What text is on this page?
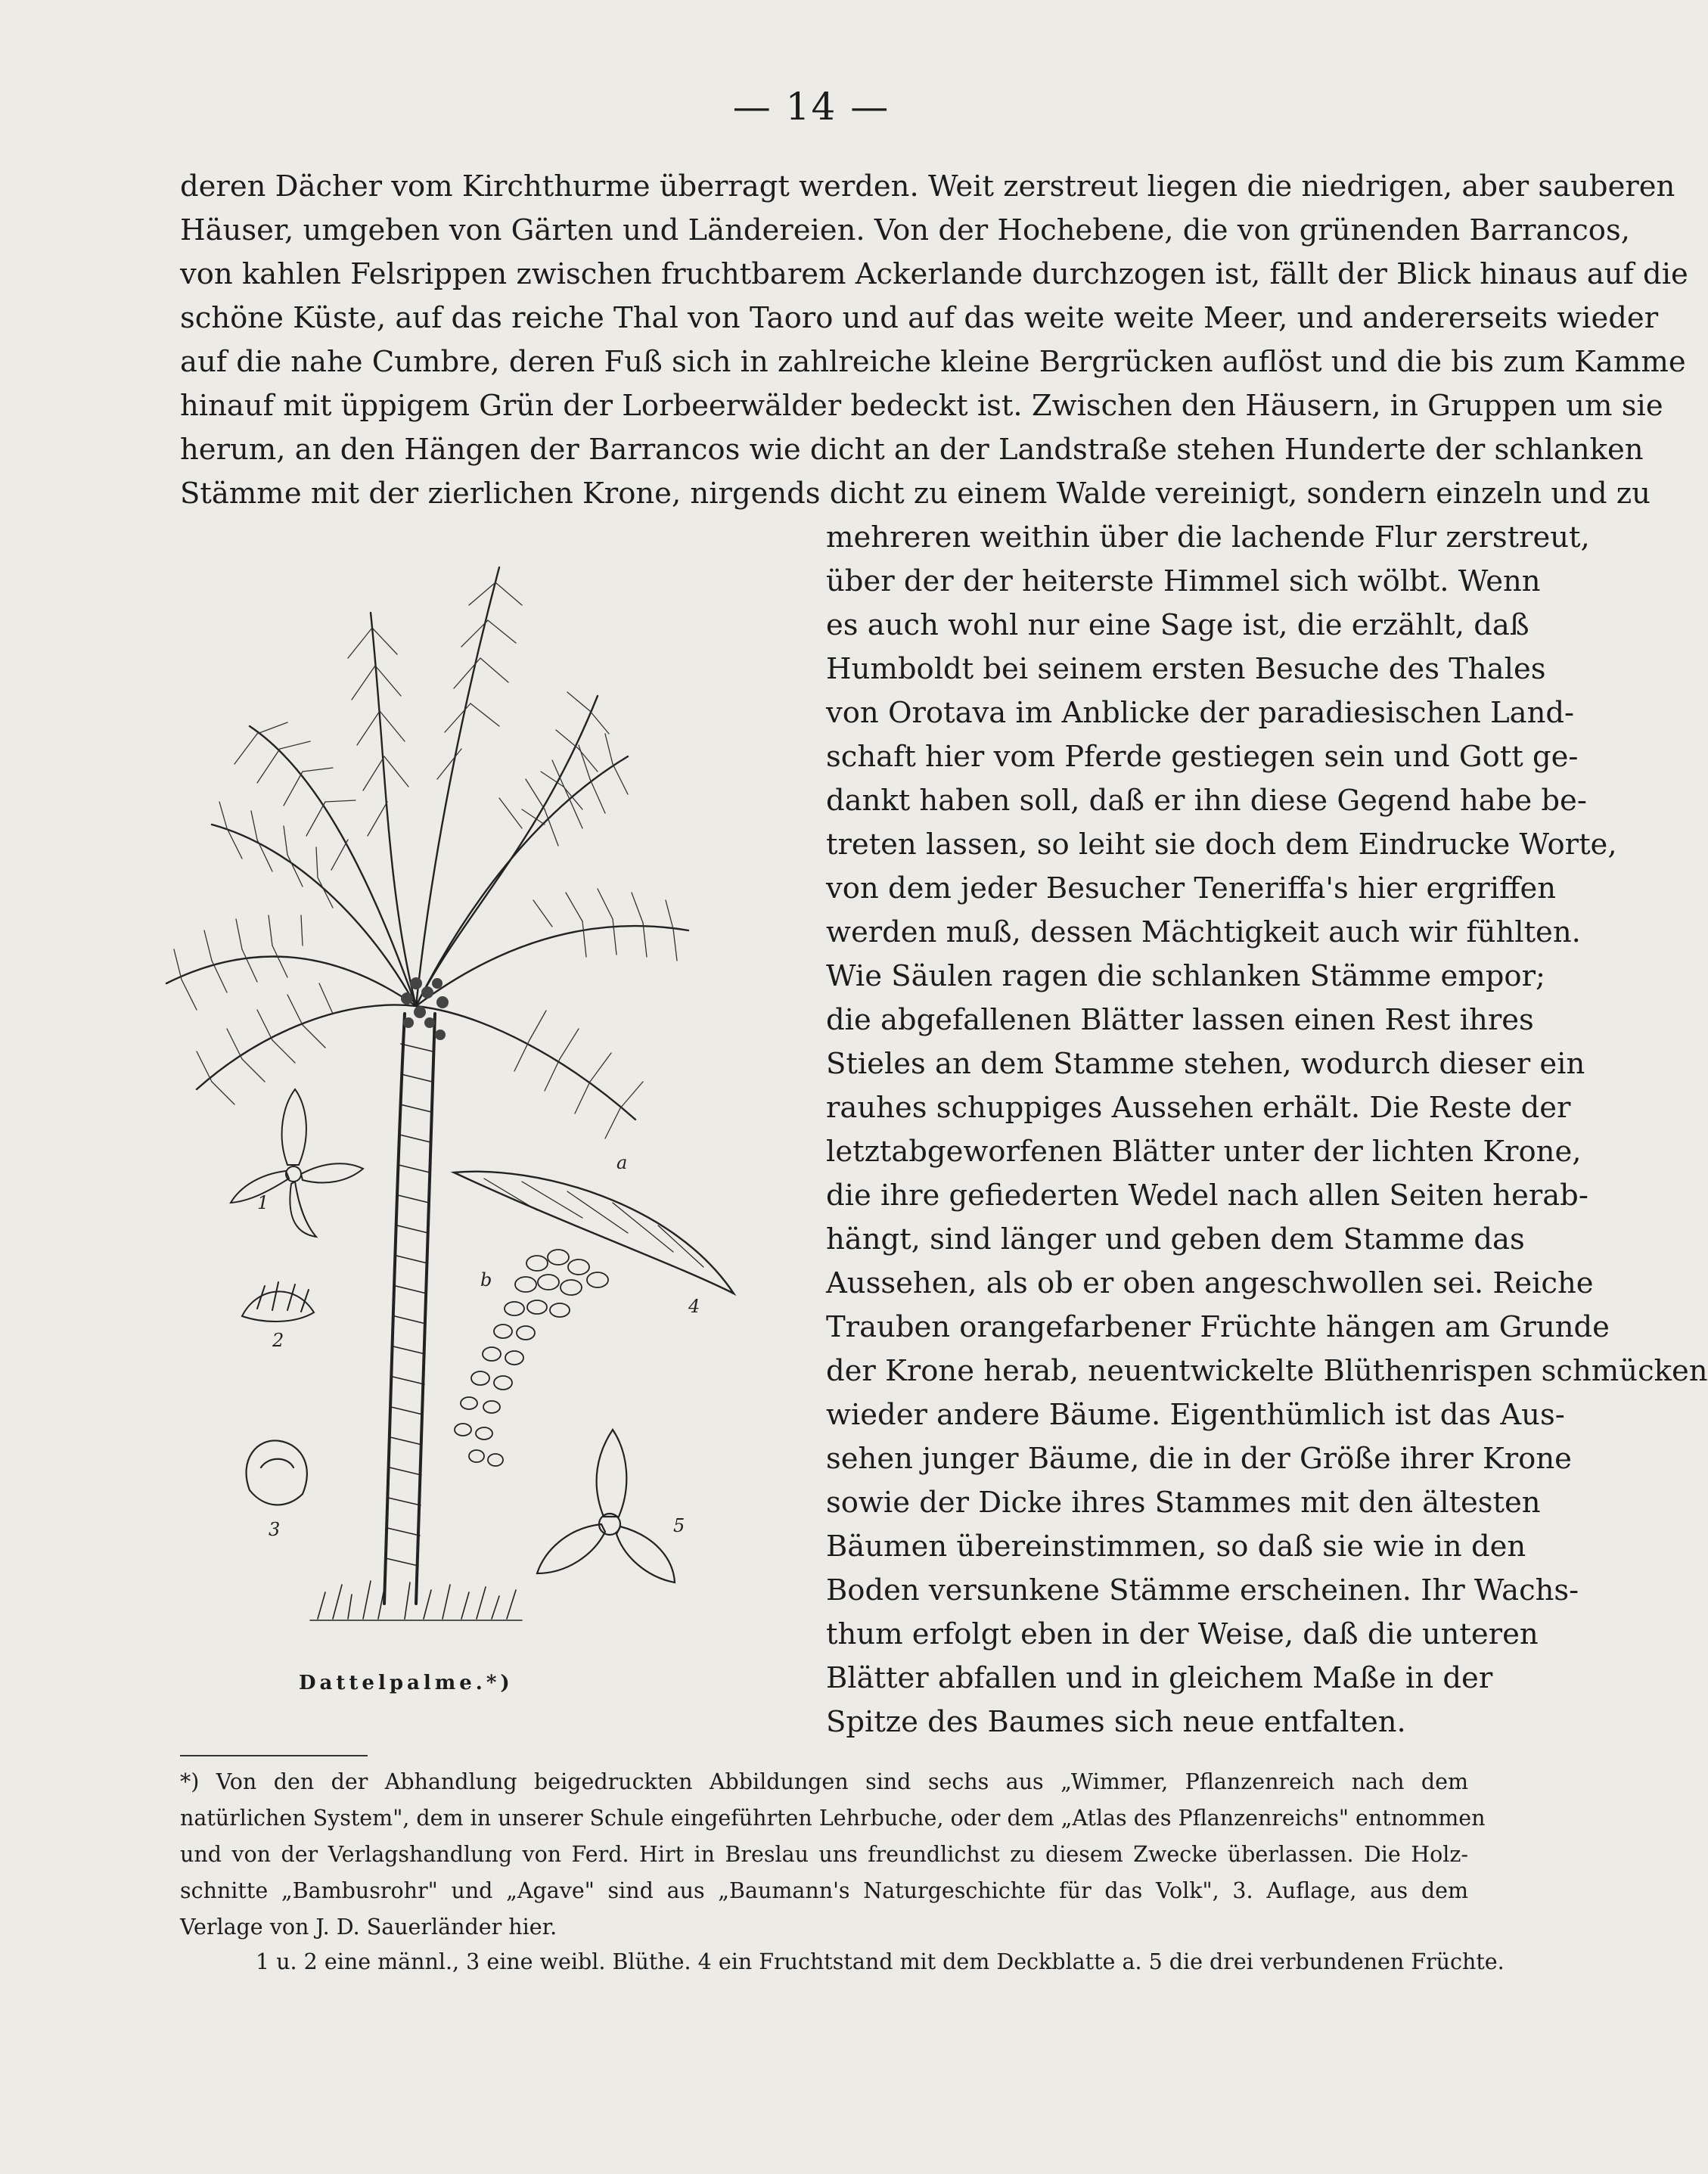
— 14 —
deren Dächer vom Kirchthurme überragt werden. Weit zerstreut liegen die niedrigen, aber sauberen
Häuser, umgeben von Gärten und Ländereien. Von der Hochebene, die von grünenden Barrancos,
von kahlen Felsrippen zwischen fruchtbarem Ackerlande durchzogen ist, fällt der Blick hinaus auf die
schöne Küste, auf das reiche Thal von Taoro und auf das weite weite Meer, und andererseits wieder
auf die nahe Cumbre, deren Fuß sich in zahlreiche kleine Bergrücken auflöst und die bis zum Kamme
hinauf mit üppigem Grün der Lorbeerwälder bedeckt ist. Zwischen den Häusern, in Gruppen um sie
herum, an den Hängen der Barrancos wie dicht an der Landstraße stehen Hunderte der schlanken
Stämme mit der zierlichen Krone, nirgends dicht zu einem Walde vereinigt, sondern einzeln und zu
mehreren weithin über die lachende Flur zerstreut,
über der der heiterste Himmel sich wölbt. Wenn
es auch wohl nur eine Sage ist, die erzählt, daß
Humboldt bei seinem ersten Besuche des Thales
von Orotava im Anblicke der paradiesischen Land-
schaft hier vom Pferde gestiegen sein und Gott ge-
dankt haben soll, daß er ihn diese Gegend habe be-
treten lassen, so leiht sie doch dem Eindrucke Worte,
von dem jeder Besucher Teneriffa's hier ergriffen
werden muß, dessen Mächtigkeit auch wir fühlten.
Wie Säulen ragen die schlanken Stämme empor;
die abgefallenen Blätter lassen einen Rest ihres
Stieles an dem Stamme stehen, wodurch dieser ein
rauhes schuppiges Aussehen erhält. Die Reste der
letztabgeworfenen Blätter unter der lichten Krone,
die ihre gefiederten Wedel nach allen Seiten herab-
hängt, sind länger und geben dem Stamme das
Aussehen, als ob er oben angeschwollen sei. Reiche
Trauben orangefarbener Früchte hängen am Grunde
der Krone herab, neuentwickelte Blüthenrispen schmücken
wieder andere Bäume. Eigenthümlich ist das Aus-
sehen junger Bäume, die in der Größe ihrer Krone
sowie der Dicke ihres Stammes mit den ältesten
Bäumen übereinstimmen, so daß sie wie in den
Boden versunkene Stämme erscheinen. Ihr Wachs-
thum erfolgt eben in der Weise, daß die unteren
Blätter abfallen und in gleichem Maße in der
Spitze des Baumes sich neue entfalten.
1
2
3
4
5
a
b
Dattelpalme.*)
*) Von den der Abhandlung beigedruckten Abbildungen sind sechs aus „Wimmer, Pflanzenreich nach dem
natürlichen System", dem in unserer Schule eingeführten Lehrbuche, oder dem „Atlas des Pflanzenreichs" entnommen
und von der Verlagshandlung von Ferd. Hirt in Breslau uns freundlichst zu diesem Zwecke überlassen. Die Holz-
schnitte „Bambusrohr" und „Agave" sind aus „Baumann's Naturgeschichte für das Volk", 3. Auflage, aus dem
Verlage von J. D. Sauerländer hier.
1 u. 2 eine männl., 3 eine weibl. Blüthe. 4 ein Fruchtstand mit dem Deckblatte a. 5 die drei verbundenen Früchte.
